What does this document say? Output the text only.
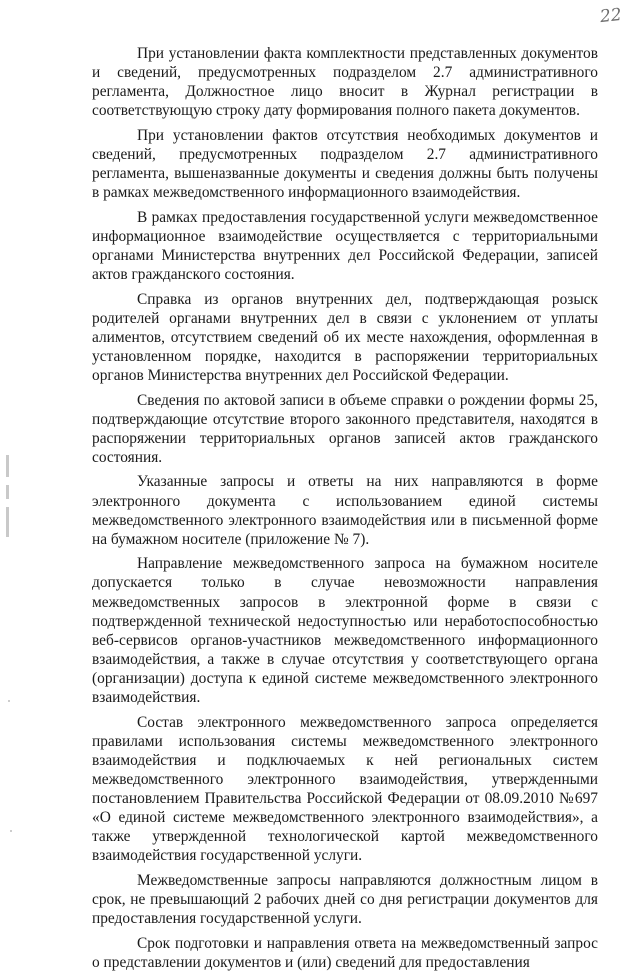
22

При установлении факта комплектности представленных документов и сведений, предусмотренных подразделом 2.7 административного регламента, Должностное лицо вносит в Журнал регистрации в соответствующую строку дату формирования полного пакета документов.

При установлении фактов отсутствия необходимых документов и сведений, предусмотренных подразделом 2.7 административного регламента, вышеназванные документы и сведения должны быть получены в рамках межведомственного информационного взаимодействия.

В рамках предоставления государственной услуги межведомственное информационное взаимодействие осуществляется с территориальными органами Министерства внутренних дел Российской Федерации, записей актов гражданского состояния.

Справка из органов внутренних дел, подтверждающая розыск родителей органами внутренних дел в связи с уклонением от уплаты алиментов, отсутствием сведений об их месте нахождения, оформленная в установленном порядке, находится в распоряжении территориальных органов Министерства внутренних дел Российской Федерации.

Сведения по актовой записи в объеме справки о рождении формы 25, подтверждающие отсутствие второго законного представителя, находятся в распоряжении территориальных органов записей актов гражданского состояния.

Указанные запросы и ответы на них направляются в форме электронного документа с использованием единой системы межведомственного электронного взаимодействия или в письменной форме на бумажном носителе (приложение № 7).

Направление межведомственного запроса на бумажном носителе допускается только в случае невозможности направления межведомственных запросов в электронной форме в связи с подтвержденной технической недоступностью или неработоспособностью веб-сервисов органов-участников межведомственного информационного взаимодействия, а также в случае отсутствия у соответствующего органа (организации) доступа к единой системе межведомственного электронного взаимодействия.

Состав электронного межведомственного запроса определяется правилами использования системы межведомственного электронного взаимодействия и подключаемых к ней региональных систем межведомственного электронного взаимодействия, утвержденными постановлением Правительства Российской Федерации от 08.09.2010 №697 «О единой системе межведомственного электронного взаимодействия», а также утвержденной технологической картой межведомственного взаимодействия государственной услуги.

Межведомственные запросы направляются должностным лицом в срок, не превышающий 2 рабочих дней со дня регистрации документов для предоставления государственной услуги.

Срок подготовки и направления ответа на межведомственный запрос о представлении документов и (или) сведений для предоставления
